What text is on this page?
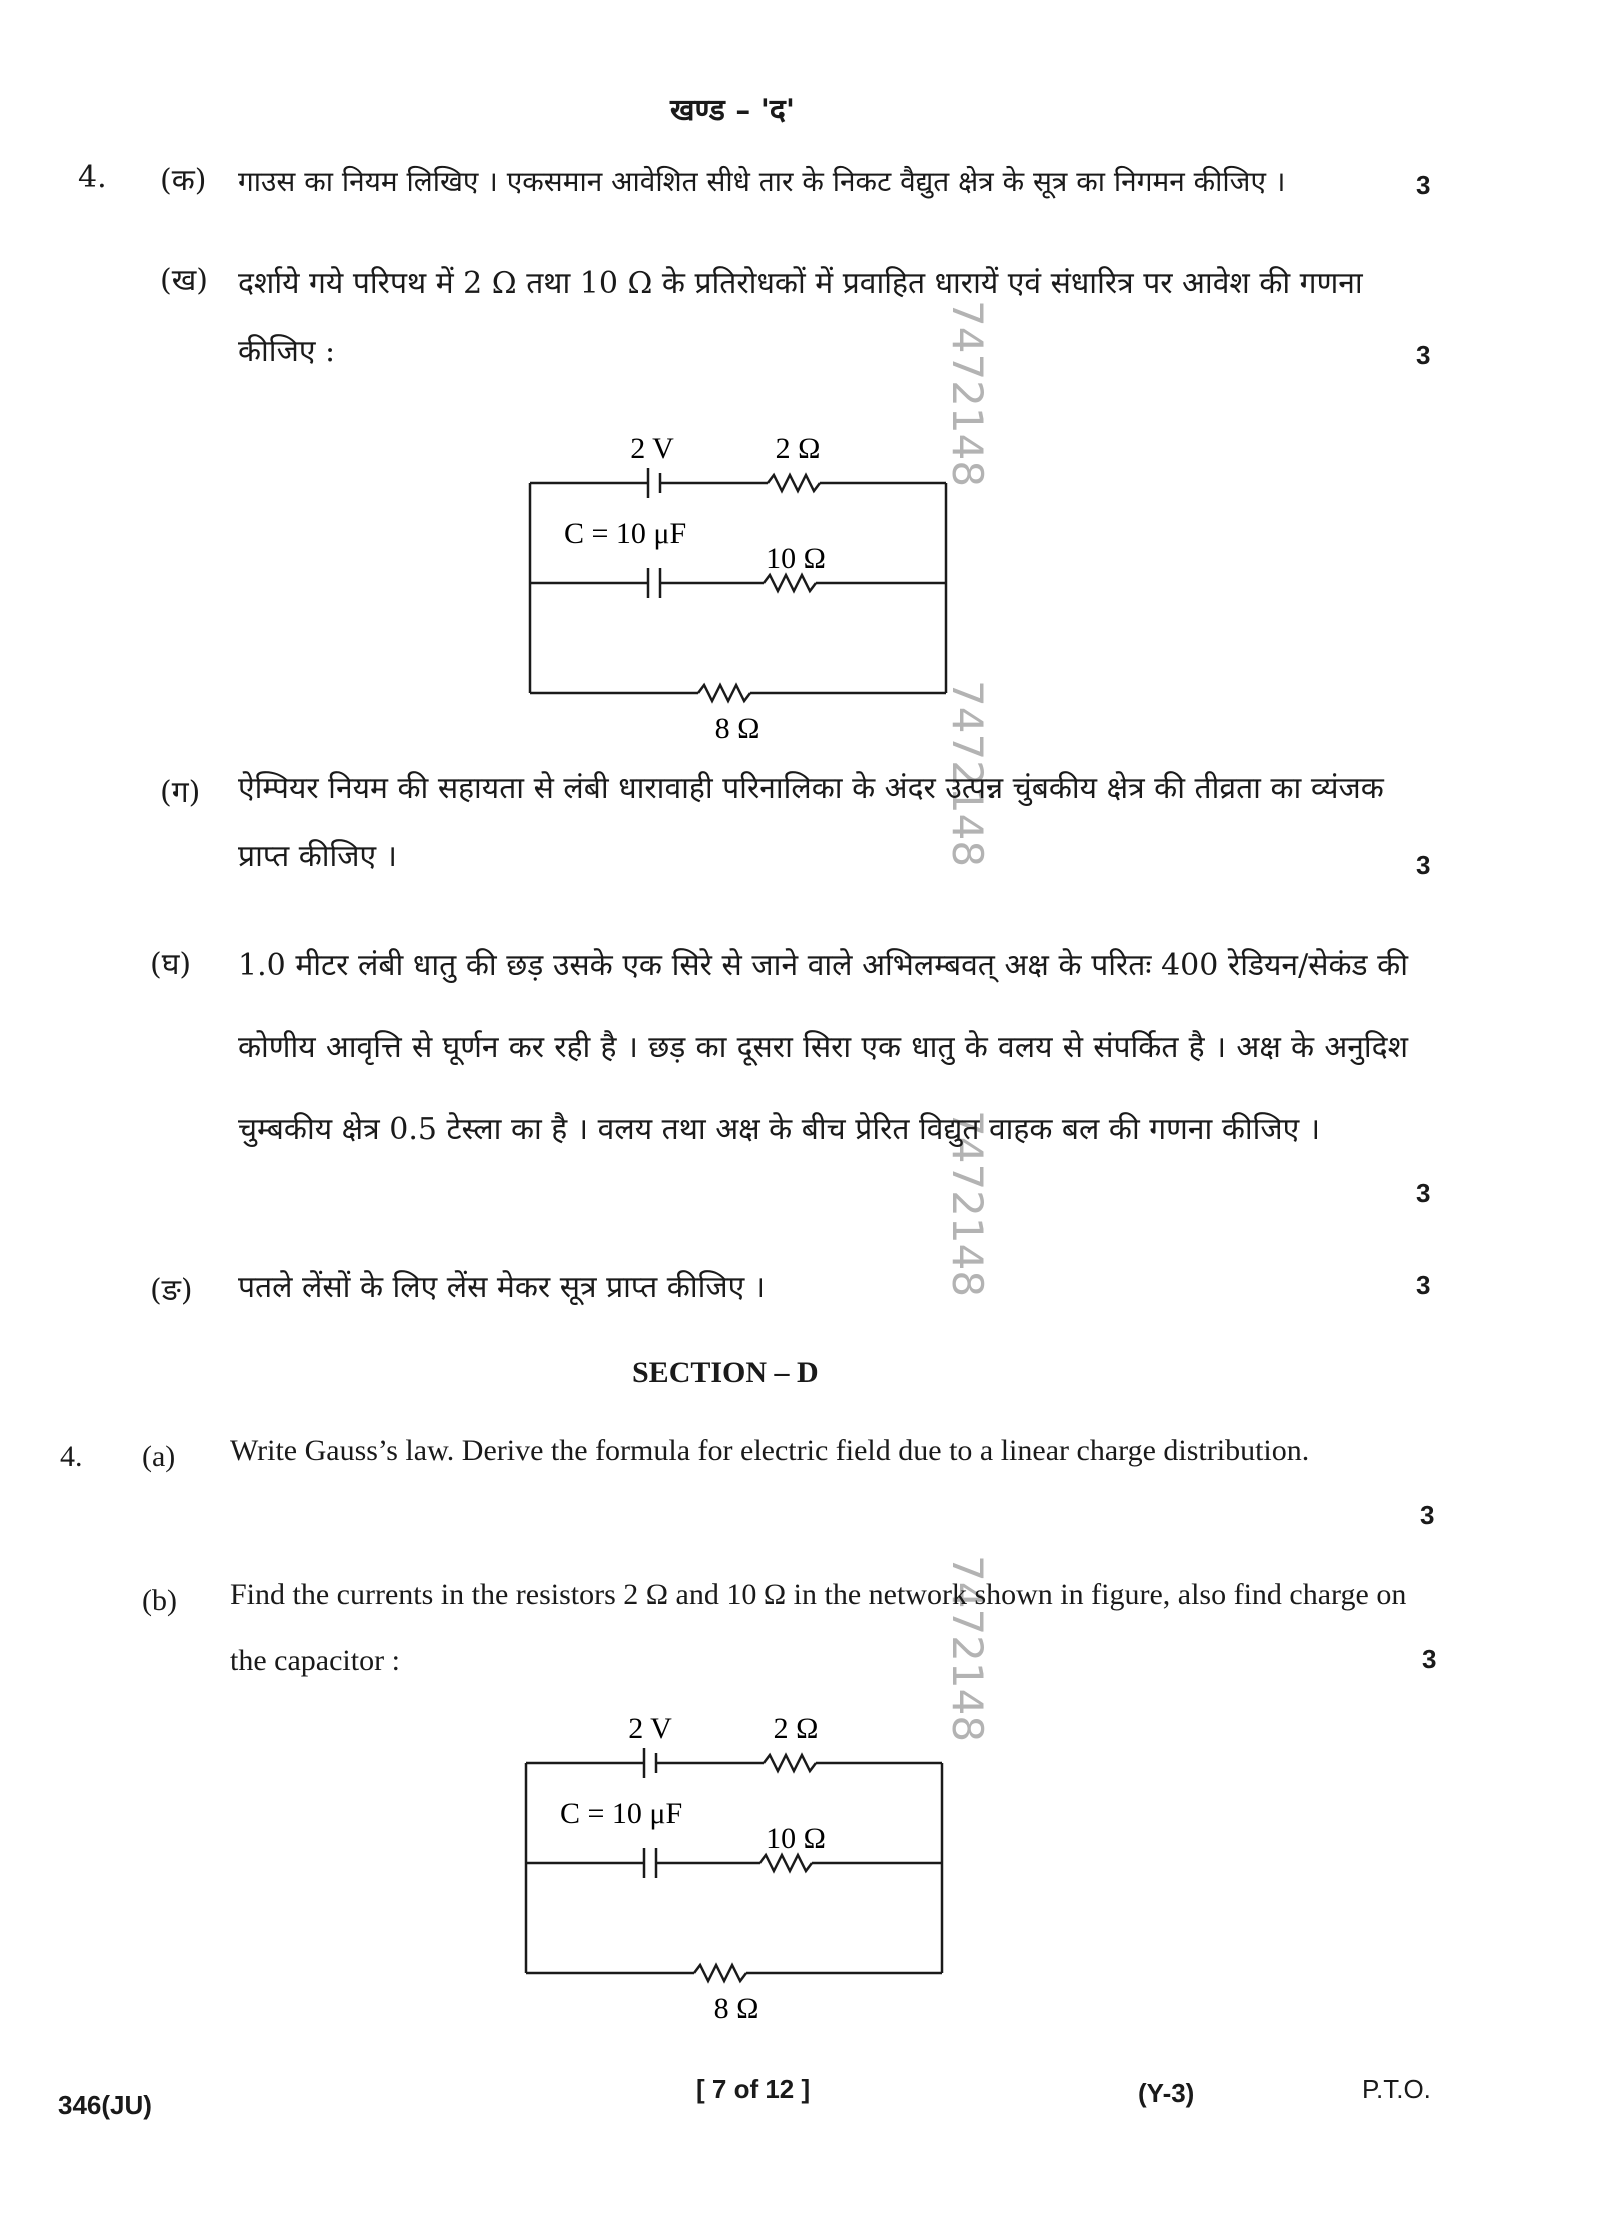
7472148
7472148
7472148
7472148
खण्ड – 'द'
4. (क) गाउस का नियम लिखिए । एकसमान आवेशित सीधे तार के निकट वैद्युत क्षेत्र के सूत्र का निगमन कीजिए ।	3
(ख) दर्शाये गये परिपथ में 2 Ω तथा 10 Ω के प्रतिरोधकों में प्रवाहित धारायें एवं संधारित्र पर आवेश की गणना कीजिए :	3
2 V	2 Ω
C = 10 μF
10 Ω
8 Ω
(ग) ऐम्पियर नियम की सहायता से लंबी धारावाही परिनालिका के अंदर उत्पन्न चुंबकीय क्षेत्र की तीव्रता का व्यंजक प्राप्त कीजिए ।	3
(घ) 1.0 मीटर लंबी धातु की छड़ उसके एक सिरे से जाने वाले अभिलम्बवत् अक्ष के परितः 400 रेडियन/सेकंड की कोणीय आवृत्ति से घूर्णन कर रही है । छड़ का दूसरा सिरा एक धातु के वलय से संपर्कित है । अक्ष के अनुदिश चुम्बकीय क्षेत्र 0.5 टेस्ला का है । वलय तथा अक्ष के बीच प्रेरित विद्युत वाहक बल की गणना कीजिए ।
3
(ङ) पतले लेंसों के लिए लेंस मेकर सूत्र प्राप्त कीजिए ।	3
SECTION – D
4. (a) Write Gauss’s law. Derive the formula for electric field due to a linear charge distribution.
3
(b) Find the currents in the resistors 2 Ω and 10 Ω in the network shown in figure, also find charge on the capacitor :	3
2 V	2 Ω
C = 10 μF
10 Ω
8 Ω
346(JU)
[ 7 of 12 ]	(Y-3)	P.T.O.
